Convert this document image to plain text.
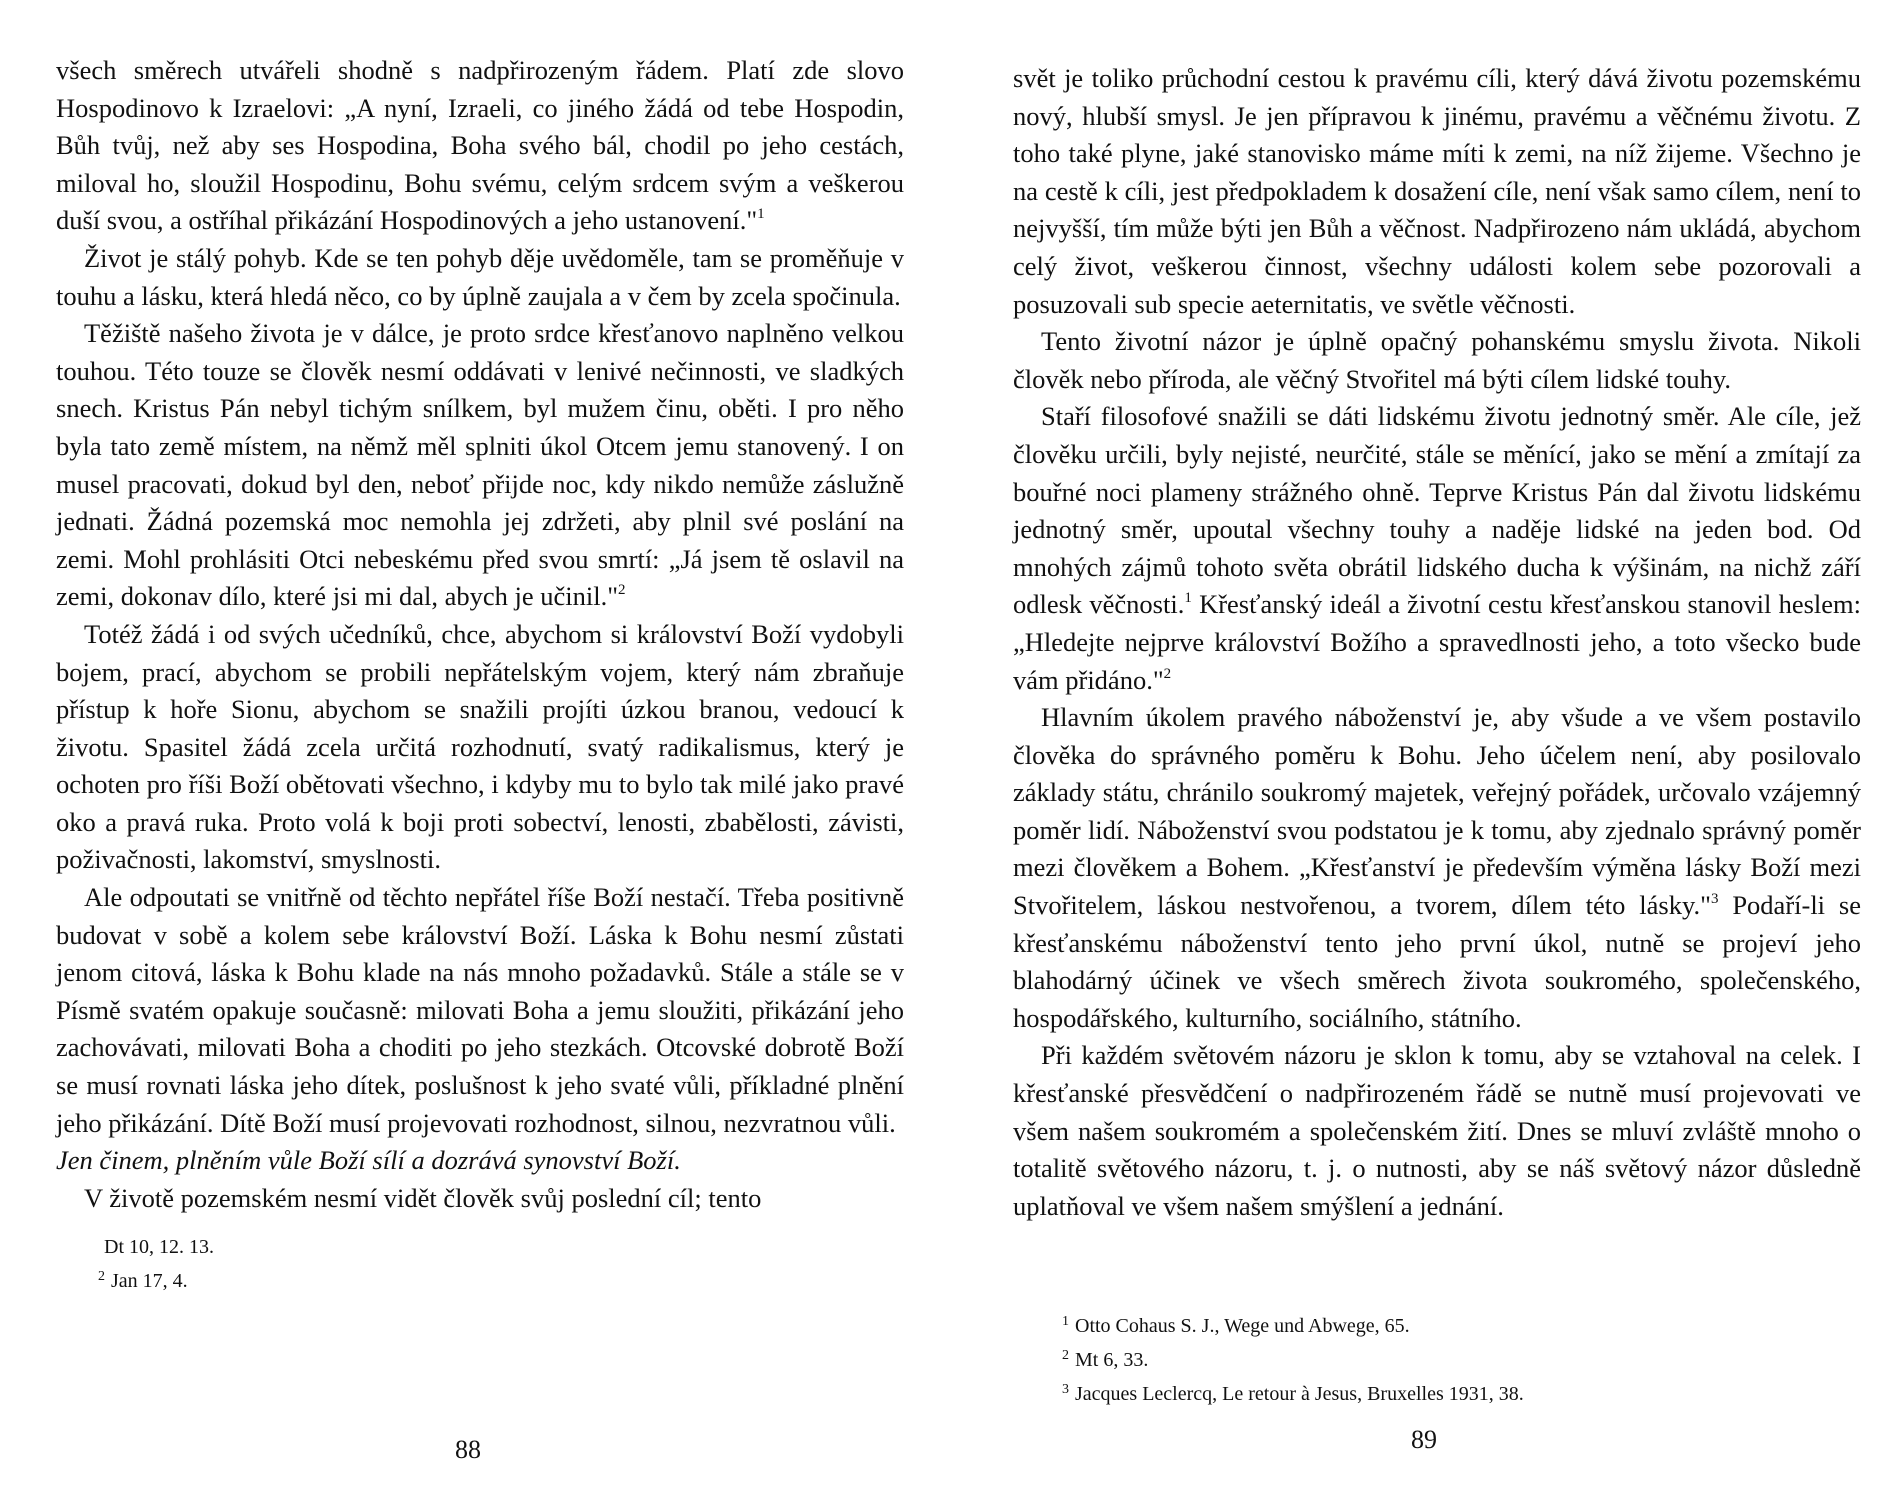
všech směrech utvářeli shodně s nadpřirozeným řádem. Platí zde slovo Hospodinovo k Izraelovi: „A nyní, Izraeli, co jiného žádá od tebe Hospodin, Bůh tvůj, než aby ses Hospodina, Boha svého bál, chodil po jeho cestách, miloval ho, sloužil Hospodinu, Bohu svému, celým srdcem svým a veškerou duší svou, a ostříhal přikázání Hospodinových a jeho ustanovení."$^1$

Život je stálý pohyb. Kde se ten pohyb děje uvědoměle, tam se proměňuje v touhu a lásku, která hledá něco, co by úplně zaujala a v čem by zcela spočinula.

Těžiště našeho života je v dálce, je proto srdce křesťanovo naplněno velkou touhou. Této touze se člověk nesmí oddávati v lenivé nečinnosti, ve sladkých snech. Kristus Pán nebyl tichým snílkem, byl mužem činu, oběti. I pro něho byla tato země místem, na němž měl splniti úkol Otcem jemu stanovený. I on musel pracovati, dokud byl den, neboť přijde noc, kdy nikdo nemůže záslužně jednati. Žádná pozemská moc nemohla jej zdržeti, aby plnil své poslání na zemi. Mohl prohlásiti Otci nebeskému před svou smrtí: „Já jsem tě oslavil na zemi, dokonav dílo, které jsi mi dal, abych je učinil."$^2$

Totéž žádá i od svých učedníků, chce, abychom si království Boží vydobyli bojem, prací, abychom se probili nepřátelským vojem, který nám zbraňuje přístup k hoře Sionu, abychom se snažili projíti úzkou branou, vedoucí k životu. Spasitel žádá zcela určitá rozhodnutí, svatý radikalismus, který je ochoten pro říši Boží obětovati všechno, i kdyby mu to bylo tak milé jako pravé oko a pravá ruka. Proto volá k boji proti sobectví, lenosti, zbabělosti, závisti, poživačnosti, lakomství, smyslnosti.

Ale odpoutati se vnitřně od těchto nepřátel říše Boží nestačí. Třeba positivně budovat v sobě a kolem sebe království Boží. Láska k Bohu nesmí zůstati jenom citová, láska k Bohu klade na nás mnoho požadavků. Stále a stále se v Písmě svatém opakuje současně: milovati Boha a jemu sloužiti, přikázání jeho zachovávati, milovati Boha a choditi po jeho stezkách. Otcovské dobrotě Boží se musí rovnati láska jeho dítek, poslušnost k jeho svaté vůli, příkladné plnění jeho přikázání. Dítě Boží musí projevovati rozhodnost, silnou, nezvratnou vůli.

Jen činem, plněním vůle Boží sílí a dozrává synovství Boží.

V životě pozemském nesmí vidět člověk svůj poslední cíl; tento

Dt 10, 12. 13.

$^2$ Jan 17, 4.

88

svět je toliko průchodní cestou k pravému cíli, který dává životu pozemskému nový, hlubší smysl. Je jen přípravou k jinému, pravému a věčnému životu. Z toho také plyne, jaké stanovisko máme míti k zemi, na níž žijeme. Všechno je na cestě k cíli, jest předpokladem k dosažení cíle, není však samo cílem, není to nejvyšší, tím může býti jen Bůh a věčnost. Nadpřirozeno nám ukládá, abychom celý život, veškerou činnost, všechny události kolem sebe pozorovali a posuzovali sub specie aeternitatis, ve světle věčnosti.

Tento životní názor je úplně opačný pohanskému smyslu života. Nikoli člověk nebo příroda, ale věčný Stvořitel má býti cílem lidské touhy.

Staří filosofové snažili se dáti lidskému životu jednotný směr. Ale cíle, jež člověku určili, byly nejisté, neurčité, stále se měnící, jako se mění a zmítají za bouřné noci plameny strážného ohně. Teprve Kristus Pán dal životu lidskému jednotný směr, upoutal všechny touhy a naděje lidské na jeden bod. Od mnohých zájmů tohoto světa obrátil lidského ducha k výšinám, na nichž září odlesk věčnosti.$^1$ Křesťanský ideál a životní cestu křesťanskou stanovil heslem: „Hledejte nejprve království Božího a spravedlnosti jeho, a toto všecko bude vám přidáno."$^2$

Hlavním úkolem pravého náboženství je, aby všude a ve všem postavilo člověka do správného poměru k Bohu. Jeho účelem není, aby posilovalo základy státu, chránilo soukromý majetek, veřejný pořádek, určovalo vzájemný poměr lidí. Náboženství svou podstatou je k tomu, aby zjednalo správný poměr mezi člověkem a Bohem. „Křesťanství je především výměna lásky Boží mezi Stvořitelem, láskou nestvořenou, a tvorem, dílem této lásky."$^3$ Podaří-li se křesťanskému náboženství tento jeho první úkol, nutně se projeví jeho blahodárný účinek ve všech směrech života soukromého, společenského, hospodářského, kulturního, sociálního, státního.

Při každém světovém názoru je sklon k tomu, aby se vztahoval na celek. I křesťanské přesvědčení o nadpřirozeném řádě se nutně musí projevovati ve všem našem soukromém a společenském žití. Dnes se mluví zvláště mnoho o totalitě světového názoru, t. j. o nutnosti, aby se náš světový názor důsledně uplatňoval ve všem našem smýšlení a jednání.

$^1$ Otto Cohaus S. J., Wege und Abwege, 65.

$^2$ Mt 6, 33.

$^3$ Jacques Leclercq, Le retour à Jesus, Bruxelles 1931, 38.

89
